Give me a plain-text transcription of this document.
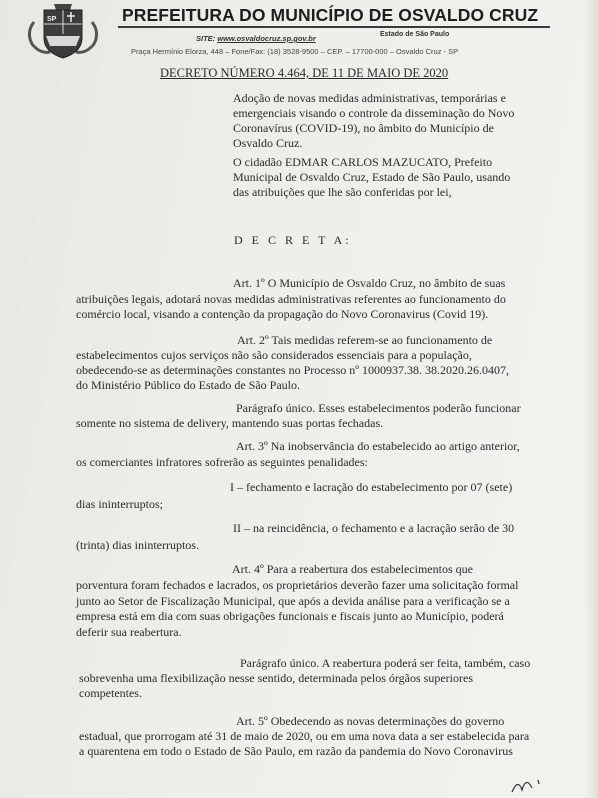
SP	PREFEITURA DO MUNICÍPIO DE OSVALDO CRUZ
SITE: www.osvaldocruz.sp.gov.br	Estado de São Paulo
Praça Hermínio Elorza, 448 – Fone/Fax: (18) 3528-9500 – CEP. – 17700-000 – Osvaldo Cruz - SP
DECRETO NÚMERO 4.464, DE 11 DE MAIO DE 2020
Adoção de novas medidas administrativas, temporárias e
emergenciais visando o controle da disseminação do Novo
Coronavírus (COVID-19), no âmbito do Município de
Osvaldo Cruz.
O cidadão EDMAR CARLOS MAZUCATO, Prefeito
Municipal de Osvaldo Cruz, Estado de São Paulo, usando
das atribuições que lhe são conferidas por lei,
D E C R E T A:
Art. 1º O Município de Osvaldo Cruz, no âmbito de suas
atribuições legais, adotará novas medidas administrativas referentes ao funcionamento do
comércio local, visando a contenção da propagação do Novo Coronavirus (Covid 19).
Art. 2º Tais medidas referem-se ao funcionamento de
estabelecimentos cujos serviços não são considerados essenciais para a população,
obedecendo-se as determinações constantes no Processo nº 1000937.38. 38.2020.26.0407,
do Ministério Público do Estado de São Paulo.
Parágrafo único. Esses estabelecimentos poderão funcionar
somente no sistema de delivery, mantendo suas portas fechadas.
Art. 3º Na inobservância do estabelecido ao artigo anterior,
os comerciantes infratores sofrerão as seguintes penalidades:
I – fechamento e lacração do estabelecimento por 07 (sete)
dias ininterruptos;
II – na reincidência, o fechamento e a lacração serão de 30
(trinta) dias ininterruptos.
Art. 4º Para a reabertura dos estabelecimentos que
porventura foram fechados e lacrados, os proprietários deverão fazer uma solicitação formal
junto ao Setor de Fiscalização Municipal, que após a devida análise para a verificação se a
empresa está em dia com suas obrigações funcionais e fiscais junto ao Município, poderá
deferir sua reabertura.
Parágrafo único. A reabertura poderá ser feita, também, caso
sobrevenha uma flexibilização nesse sentido, determinada pelos órgãos superiores
competentes.
Art. 5º Obedecendo as novas determinações do governo
estadual, que prorrogam até 31 de maio de 2020, ou em uma nova data a ser estabelecida para
a quarentena em todo o Estado de São Paulo, em razão da pandemia do Novo Coronavirus
